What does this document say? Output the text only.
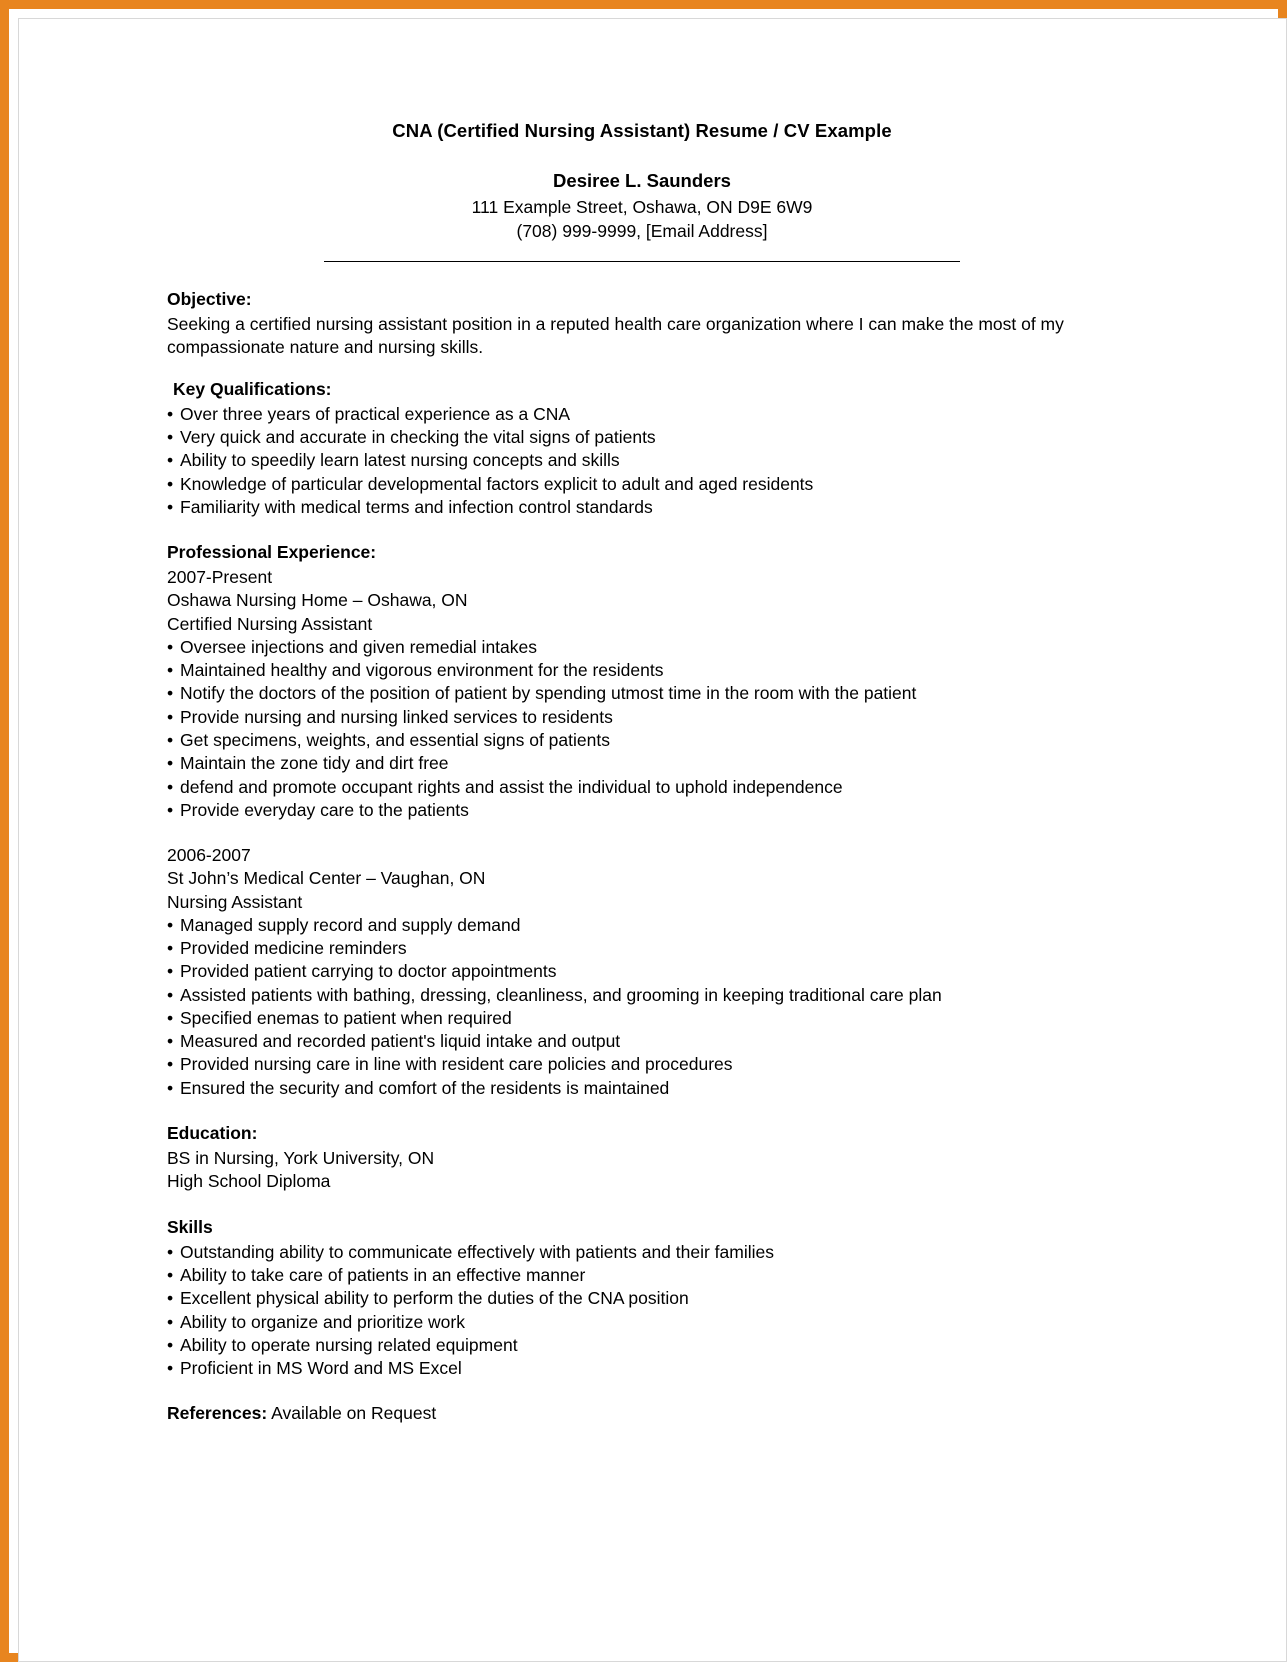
CNA (Certified Nursing Assistant) Resume / CV Example
Desiree L. Saunders
111 Example Street, Oshawa, ON D9E 6W9
(708) 999-9999, [Email Address]
Objective:
Seeking a certified nursing assistant position in a reputed health care organization where I can make the most of my compassionate nature and nursing skills.
Key Qualifications:
• Over three years of practical experience as a CNA
• Very quick and accurate in checking the vital signs of patients
• Ability to speedily learn latest nursing concepts and skills
• Knowledge of particular developmental factors explicit to adult and aged residents
• Familiarity with medical terms and infection control standards
Professional Experience:
2007-Present
Oshawa Nursing Home – Oshawa, ON
Certified Nursing Assistant
• Oversee injections and given remedial intakes
• Maintained healthy and vigorous environment for the residents
• Notify the doctors of the position of patient by spending utmost time in the room with the patient
• Provide nursing and nursing linked services to residents
• Get specimens, weights, and essential signs of patients
• Maintain the zone tidy and dirt free
• defend and promote occupant rights and assist the individual to uphold independence
• Provide everyday care to the patients
2006-2007
St John’s Medical Center – Vaughan, ON
Nursing Assistant
• Managed supply record and supply demand
• Provided medicine reminders
• Provided patient carrying to doctor appointments
• Assisted patients with bathing, dressing, cleanliness, and grooming in keeping traditional care plan
• Specified enemas to patient when required
• Measured and recorded patient's liquid intake and output
• Provided nursing care in line with resident care policies and procedures
• Ensured the security and comfort of the residents is maintained
Education:
BS in Nursing, York University, ON
High School Diploma
Skills
• Outstanding ability to communicate effectively with patients and their families
• Ability to take care of patients in an effective manner
• Excellent physical ability to perform the duties of the CNA position
• Ability to organize and prioritize work
• Ability to operate nursing related equipment
• Proficient in MS Word and MS Excel
References: Available on Request
